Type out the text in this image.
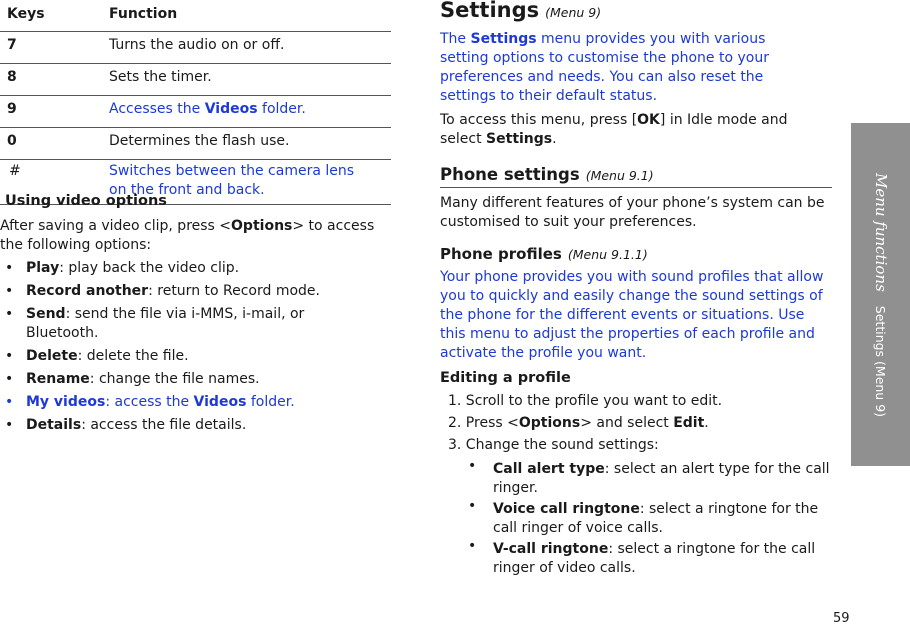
Keys	Function
7	Turns the audio on or off.
8	Sets the timer.
9	Accesses the Videos folder.
0	Determines the flash use.
#	Switches between the camera lens on the front and back.
Using video options
After saving a video clip, press <Options> to access the following options:
• Play: play back the video clip.
• Record another: return to Record mode.
• Send: send the file via i-MMS, i-mail, or Bluetooth.
• Delete: delete the file.
• Rename: change the file names.
• My videos: access the Videos folder.
• Details: access the file details.
Settings (Menu 9)
The Settings menu provides you with various setting options to customise the phone to your preferences and needs. You can also reset the settings to their default status.
To access this menu, press [OK] in Idle mode and select Settings.
Phone settings (Menu 9.1)
Many different features of your phone’s system can be customised to suit your preferences.
Phone profiles (Menu 9.1.1)
Your phone provides you with sound profiles that allow you to quickly and easily change the sound settings of the phone for the different events or situations. Use this menu to adjust the properties of each profile and activate the profile you want.
Editing a profile
1. Scroll to the profile you want to edit.
2. Press <Options> and select Edit.
3. Change the sound settings:
• Call alert type: select an alert type for the call ringer.
• Voice call ringtone: select a ringtone for the call ringer of voice calls.
• V-call ringtone: select a ringtone for the call ringer of video calls.
Menu functionsSettings (Menu 9)
59
